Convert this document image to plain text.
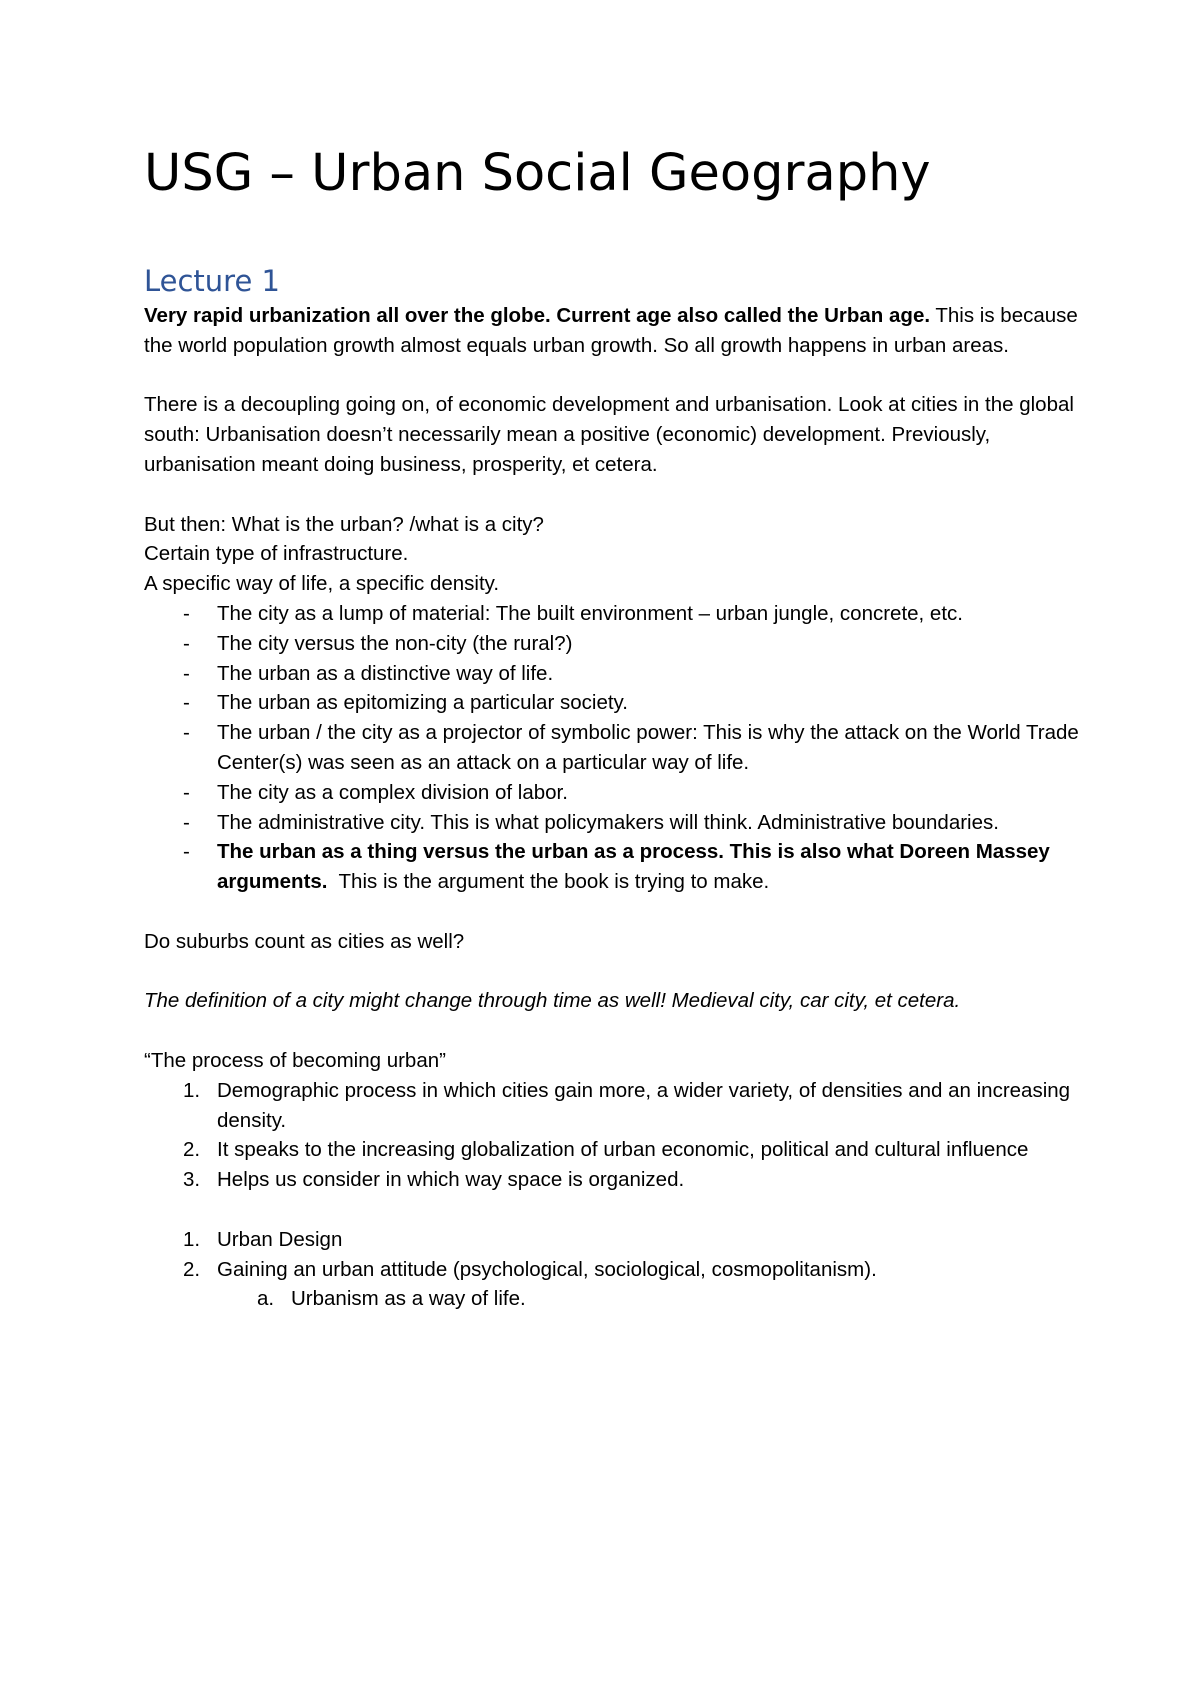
USG – Urban Social Geography
Lecture 1

Very rapid urbanization all over the globe. Current age also called the Urban age. This is because the world population growth almost equals urban growth. So all growth happens in urban areas.

There is a decoupling going on, of economic development and urbanisation. Look at cities in the global south: Urbanisation doesn’t necessarily mean a positive (economic) development. Previously, urbanisation meant doing business, prosperity, et cetera.

But then: What is the urban? /what is a city?

Certain type of infrastructure.

A specific way of life, a specific density.

- The city as a lump of material: The built environment – urban jungle, concrete, etc.
- The city versus the non-city (the rural?)
- The urban as a distinctive way of life.
- The urban as epitomizing a particular society.
- The urban / the city as a projector of symbolic power: This is why the attack on the World Trade Center(s) was seen as an attack on a particular way of life.
- The city as a complex division of labor.
- The administrative city. This is what policymakers will think. Administrative boundaries.
- The urban as a thing versus the urban as a process. This is also what Doreen Massey arguments.  This is the argument the book is trying to make.

Do suburbs count as cities as well?

The definition of a city might change through time as well! Medieval city, car city, et cetera.

“The process of becoming urban”

1. Demographic process in which cities gain more, a wider variety, of densities and an increasing density.
2. It speaks to the increasing globalization of urban economic, political and cultural influence
3. Helps us consider in which way space is organized.
1. Urban Design
2. Gaining an urban attitude (psychological, sociological, cosmopolitanism).
a. Urbanism as a way of life.
